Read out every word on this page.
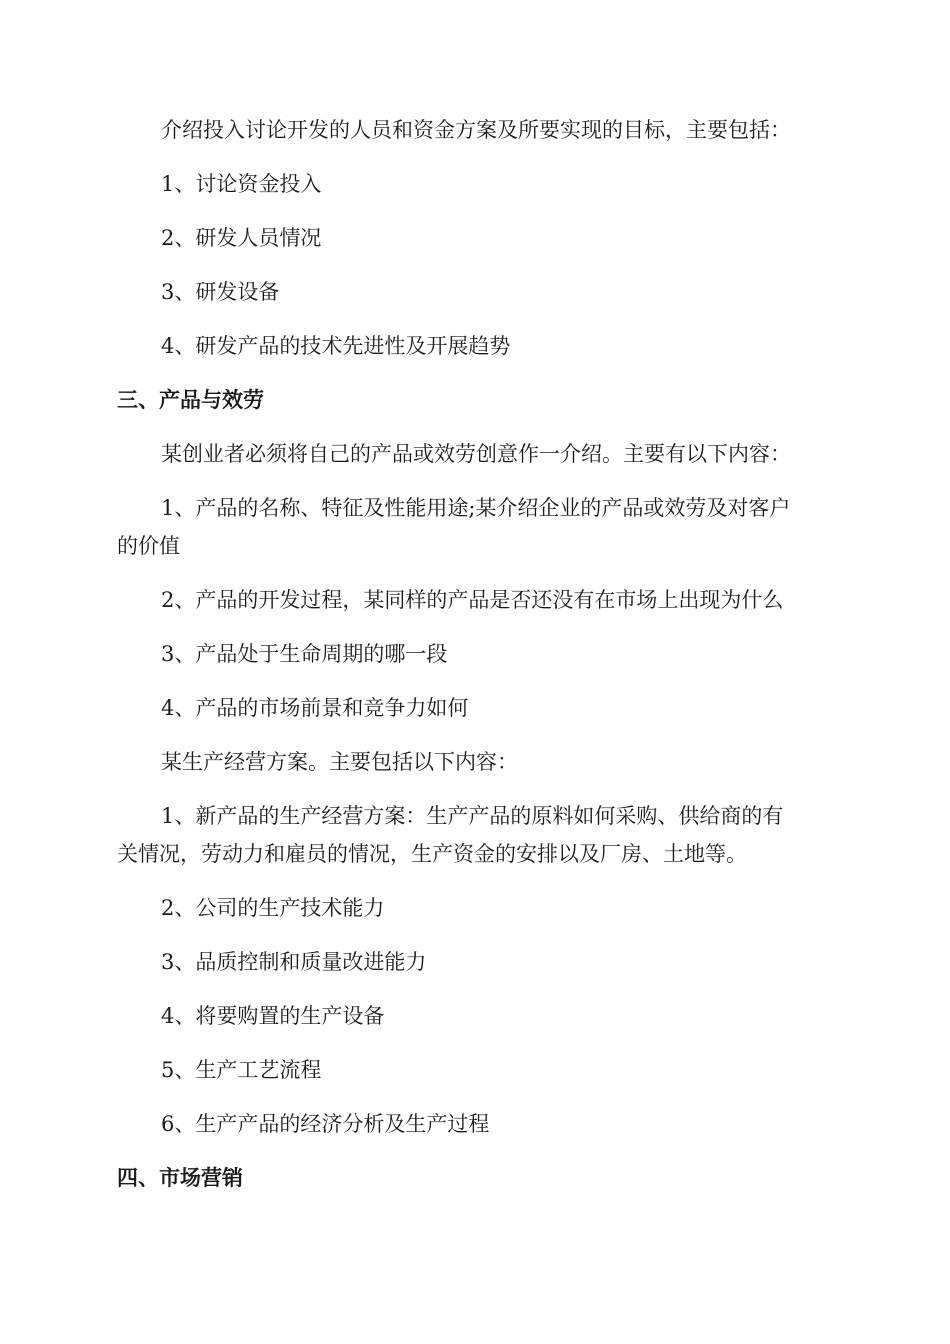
介绍投入讨论开发的人员和资金方案及所要实现的目标，主要包括：

1、讨论资金投入

2、研发人员情况

3、研发设备

4、研发产品的技术先进性及开展趋势

三、产品与效劳

某创业者必须将自己的产品或效劳创意作一介绍。主要有以下内容：

1、产品的名称、特征及性能用途;某介绍企业的产品或效劳及对客户

的价值

2、产品的开发过程，某同样的产品是否还没有在市场上出现为什么

3、产品处于生命周期的哪一段

4、产品的市场前景和竞争力如何

某生产经营方案。主要包括以下内容：

1、新产品的生产经营方案：生产产品的原料如何采购、供给商的有

关情况，劳动力和雇员的情况，生产资金的安排以及厂房、土地等。

2、公司的生产技术能力

3、品质控制和质量改进能力

4、将要购置的生产设备

5、生产工艺流程

6、生产产品的经济分析及生产过程

四、市场营销
